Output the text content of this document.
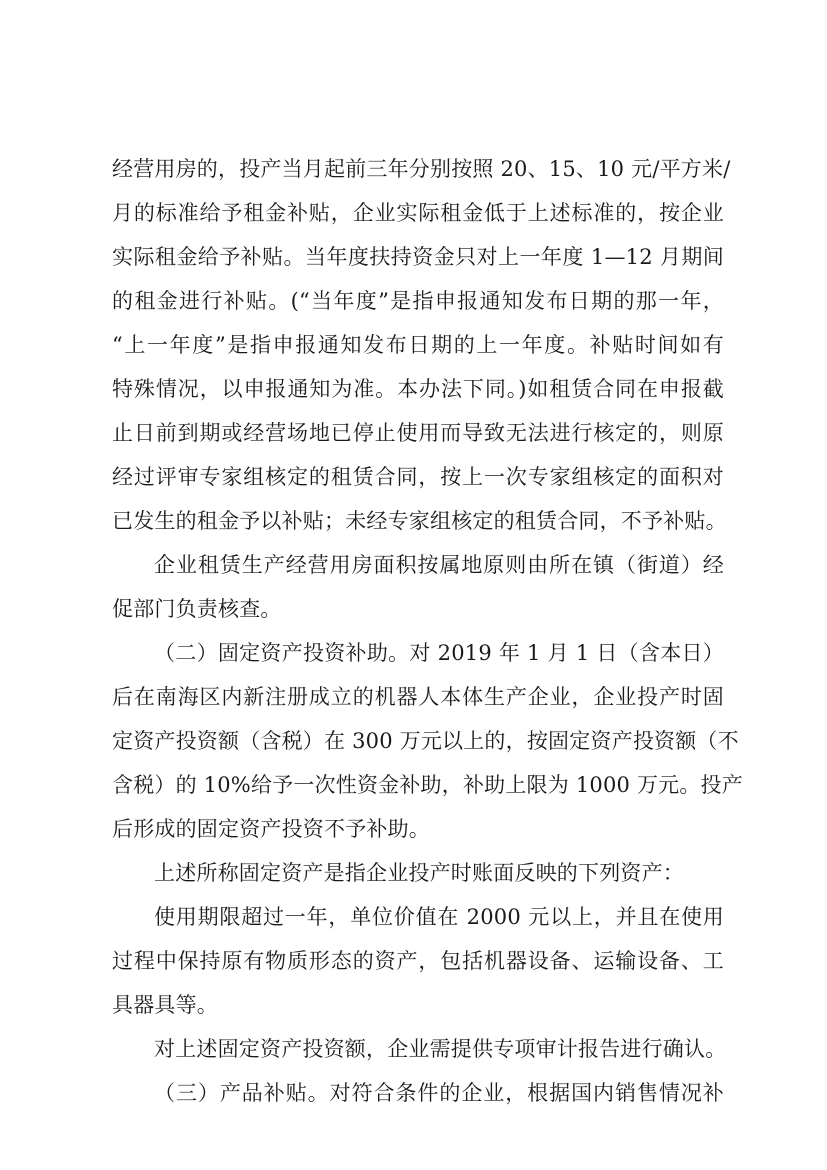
经营用房的，投产当月起前三年分别按照 20、15、10 元/平方米/
月的标准给予租金补贴，企业实际租金低于上述标准的，按企业
实际租金给予补贴。当年度扶持资金只对上一年度 1—12 月期间
的租金进行补贴。(“当年度”是指申报通知发布日期的那一年，
“上一年度”是指申报通知发布日期的上一年度。补贴时间如有
特殊情况，以申报通知为准。本办法下同。)如租赁合同在申报截
止日前到期或经营场地已停止使用而导致无法进行核定的，则原
经过评审专家组核定的租赁合同，按上一次专家组核定的面积对
已发生的租金予以补贴；未经专家组核定的租赁合同，不予补贴。
企业租赁生产经营用房面积按属地原则由所在镇（街道）经
促部门负责核查。
（二）固定资产投资补助。对 2019 年 1 月 1 日（含本日）
后在南海区内新注册成立的机器人本体生产企业，企业投产时固
定资产投资额（含税）在 300 万元以上的，按固定资产投资额（不
含税）的 10%给予一次性资金补助，补助上限为 1000 万元。投产
后形成的固定资产投资不予补助。
上述所称固定资产是指企业投产时账面反映的下列资产：
使用期限超过一年，单位价值在 2000 元以上，并且在使用
过程中保持原有物质形态的资产，包括机器设备、运输设备、工
具器具等。
对上述固定资产投资额，企业需提供专项审计报告进行确认。
（三）产品补贴。对符合条件的企业，根据国内销售情况补
